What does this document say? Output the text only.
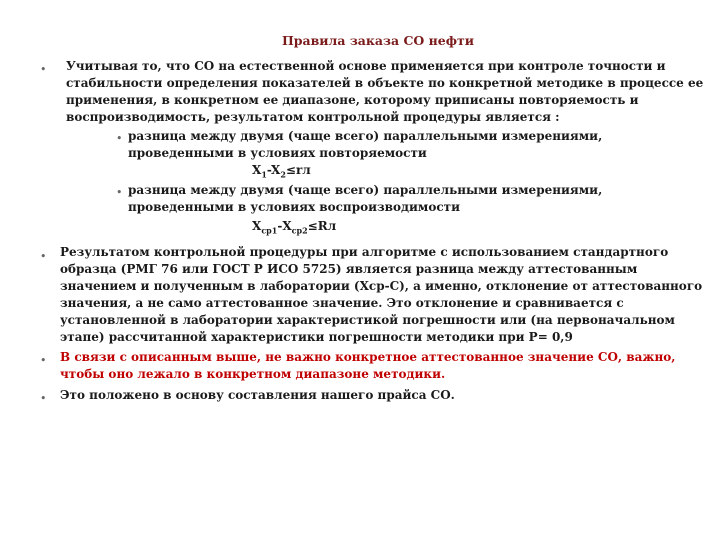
Правила заказа СО нефти
• Учитывая то, что СО на естественной основе применяется при контроле точности и
стабильности определения показателей в объекте по конкретной методике в процессе ее
применения, в конкретном ее диапазоне, которому приписаны повторяемость и
воспроизводимость, результатом контрольной процедуры является :
• разница между двумя (чаще всего) параллельными измерениями,
проведенными в условиях повторяемости
$X_1-X_2\le rл$
• разница между двумя (чаще всего) параллельными измерениями,
проведенными в условиях воспроизводимости
$X_{ср1}-X_{ср2}\le Rл$
• Результатом контрольной процедуры при алгоритме с использованием стандартного
образца (РМГ 76 или ГОСТ Р ИСО 5725) является разница между аттестованным
значением и полученным в лаборатории (Хср-С), а именно, отклонение от аттестованного
значения, а не само аттестованное значение. Это отклонение и сравнивается с
установленной в лаборатории характеристикой погрешности или (на первоначальном
этапе) рассчитанной характеристики погрешности методики при Р= 0,9
• В связи с описанным выше, не важно конкретное аттестованное значение СО, важно,
чтобы оно лежало в конкретном диапазоне методики.
• Это положено в основу составления нашего прайса СО.
